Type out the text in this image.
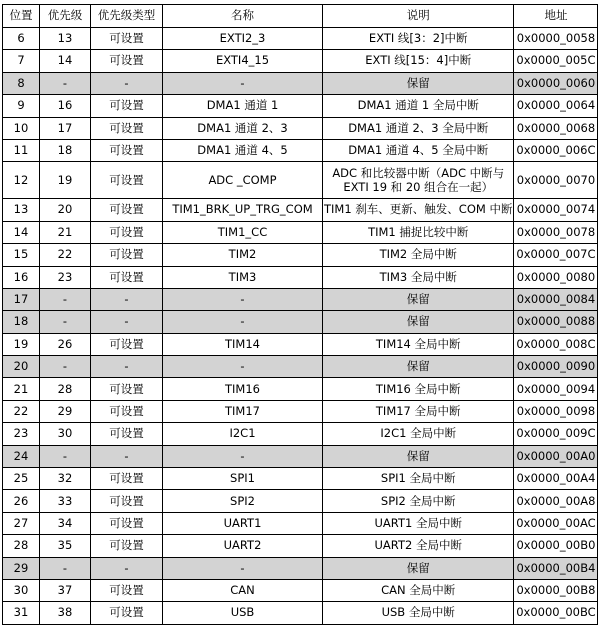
位置	优先级	优先级类型	名称	说明	地址
6	13	可设置	EXTI2_3	EXTI 线[3：2]中断	0x0000_0058
7	14	可设置	EXTI4_15	EXTI 线[15：4]中断	0x0000_005C
8	-	-	-	保留	0x0000_0060
9	16	可设置	DMA1 通道 1	DMA1 通道 1 全局中断	0x0000_0064
10	17	可设置	DMA1 通道 2、3	DMA1 通道 2、3 全局中断	0x0000_0068
11	18	可设置	DMA1 通道 4、5	DMA1 通道 4、5 全局中断	0x0000_006C
12	19	可设置	ADC _COMP	ADC 和比较器中断（ADC 中断与 EXTI 19 和 20 组合在一起）	0x0000_0070
13	20	可设置	TIM1_BRK_UP_TRG_COM	TIM1 刹车、更新、触发、COM 中断	0x0000_0074
14	21	可设置	TIM1_CC	TIM1 捕捉比较中断	0x0000_0078
15	22	可设置	TIM2	TIM2 全局中断	0x0000_007C
16	23	可设置	TIM3	TIM3 全局中断	0x0000_0080
17	-	-	-	保留	0x0000_0084
18	-	-	-	保留	0x0000_0088
19	26	可设置	TIM14	TIM14 全局中断	0x0000_008C
20	-	-	-	保留	0x0000_0090
21	28	可设置	TIM16	TIM16 全局中断	0x0000_0094
22	29	可设置	TIM17	TIM17 全局中断	0x0000_0098
23	30	可设置	I2C1	I2C1 全局中断	0x0000_009C
24	-	-	-	保留	0x0000_00A0
25	32	可设置	SPI1	SPI1 全局中断	0x0000_00A4
26	33	可设置	SPI2	SPI2 全局中断	0x0000_00A8
27	34	可设置	UART1	UART1 全局中断	0x0000_00AC
28	35	可设置	UART2	UART2 全局中断	0x0000_00B0
29	-	-	-	保留	0x0000_00B4
30	37	可设置	CAN	CAN 全局中断	0x0000_00B8
31	38	可设置	USB	USB 全局中断	0x0000_00BC
